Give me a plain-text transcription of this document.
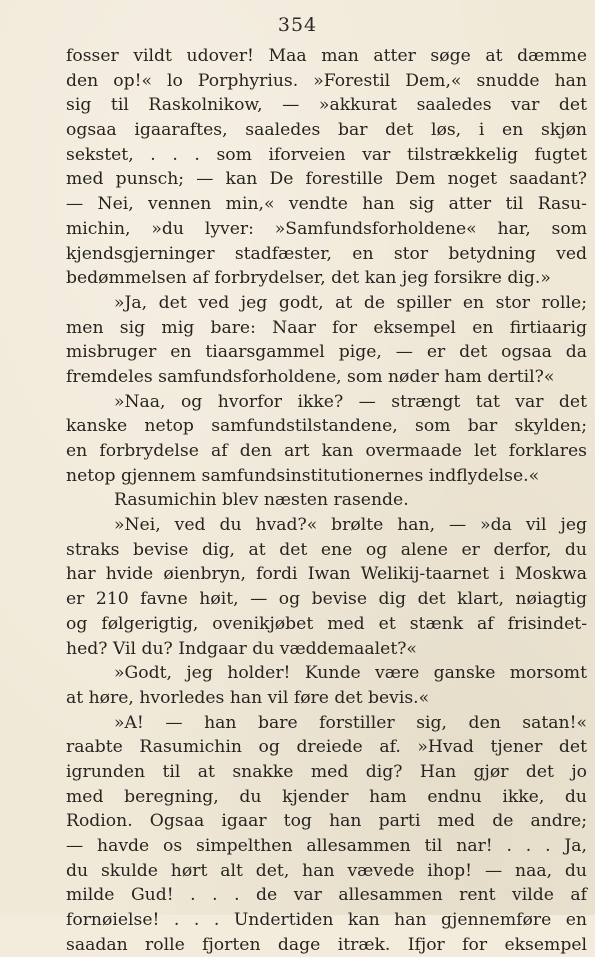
354
fosser vildt udover! Maa man atter søge at dæmme
den op!« lo Porphyrius. »Forestil Dem,« snudde han
sig til Raskolnikow, — »akkurat saaledes var det
ogsaa igaaraftes, saaledes bar det løs, i en skjøn
sekstet, . . . som iforveien var tilstrækkelig fugtet
med punsch; — kan De forestille Dem noget saadant?
— Nei, vennen min,« vendte han sig atter til Rasu-
michin, »du lyver: »Samfundsforholdene« har, som
kjendsgjerninger stadfæster, en stor betydning ved
bedømmelsen af forbrydelser, det kan jeg forsikre dig.»
»Ja, det ved jeg godt, at de spiller en stor rolle;
men sig mig bare: Naar for eksempel en firtiaarig
misbruger en tiaarsgammel pige, — er det ogsaa da
fremdeles samfundsforholdene, som nøder ham dertil?«
»Naa, og hvorfor ikke? — strængt tat var det
kanske netop samfundstilstandene, som bar skylden;
en forbrydelse af den art kan overmaade let forklares
netop gjennem samfundsinstitutionernes indflydelse.«
Rasumichin blev næsten rasende.
»Nei, ved du hvad?« brølte han, — »da vil jeg
straks bevise dig, at det ene og alene er derfor, du
har hvide øienbryn, fordi Iwan Welikij-taarnet i Moskwa
er 210 favne høit, — og bevise dig det klart, nøiagtig
og følgerigtig, ovenikjøbet med et stænk af frisindet-
hed? Vil du? Indgaar du væddemaalet?«
»Godt, jeg holder! Kunde være ganske morsomt
at høre, hvorledes han vil føre det bevis.«
»A! — han bare forstiller sig, den satan!«
raabte Rasumichin og dreiede af. »Hvad tjener det
igrunden til at snakke med dig? Han gjør det jo
med beregning, du kjender ham endnu ikke, du
Rodion. Ogsaa igaar tog han parti med de andre;
— havde os simpelthen allesammen til nar! . . . Ja,
du skulde hørt alt det, han vævede ihop! — naa, du
milde Gud! . . . de var allesammen rent vilde af
fornøielse! . . . Undertiden kan han gjennemføre en
saadan rolle fjorten dage itræk. Ifjor for eksempel
